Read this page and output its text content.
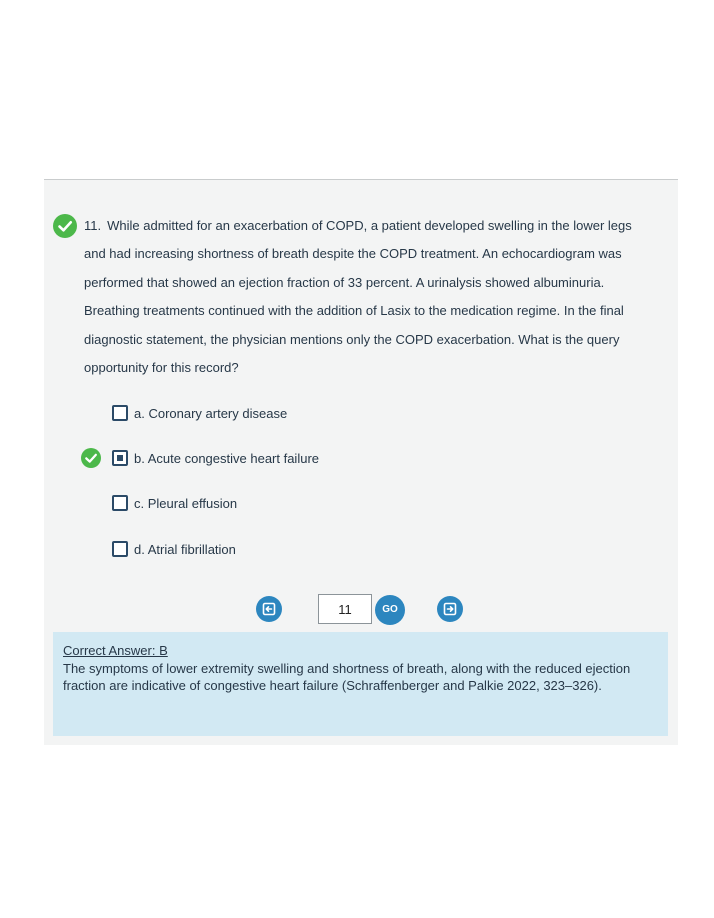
11. While admitted for an exacerbation of COPD, a patient developed swelling in the lower legs and had increasing shortness of breath despite the COPD treatment. An echocardiogram was performed that showed an ejection fraction of 33 percent. A urinalysis showed albuminuria. Breathing treatments continued with the addition of Lasix to the medication regime. In the final diagnostic statement, the physician mentions only the COPD exacerbation. What is the query opportunity for this record?
a. Coronary artery disease
b. Acute congestive heart failure
c. Pleural effusion
d. Atrial fibrillation
11
GO
Correct Answer: B
The symptoms of lower extremity swelling and shortness of breath, along with the reduced ejection fraction are indicative of congestive heart failure (Schraffenberger and Palkie 2022, 323–326).
